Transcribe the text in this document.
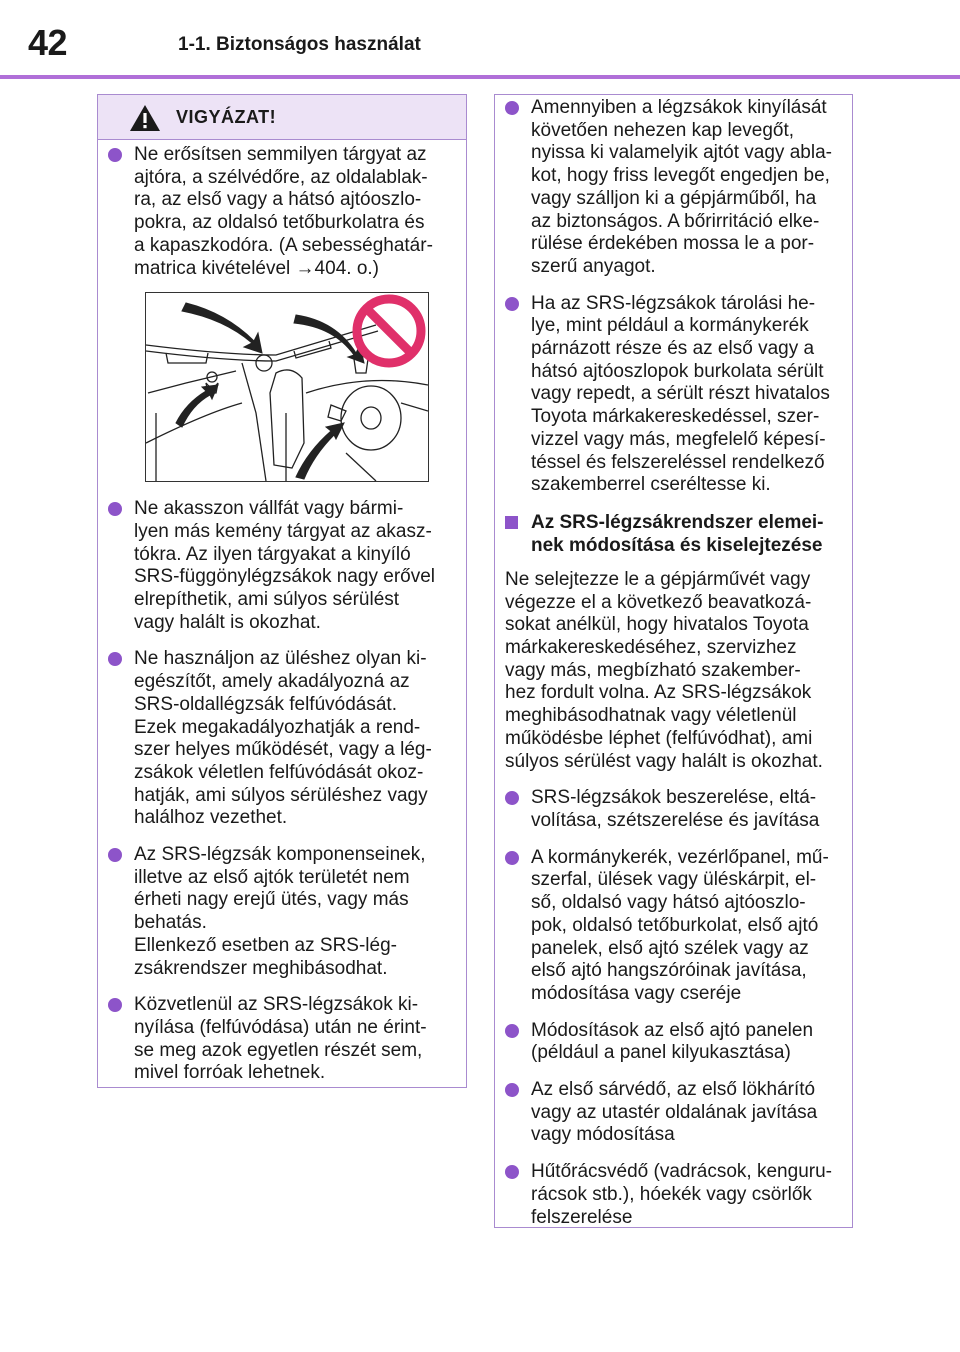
42	1-1. Biztonságos használat
VIGYÁZAT!

Ne erősítsen semmilyen tárgyat az
ajtóra, a szélvédőre, az oldalablak-
ra, az első vagy a hátsó ajtóoszlo-
pokra, az oldalsó tetőburkolatra és
a kapaszkodóra. (A sebességhatár-
matrica kivételével →404. o.)

Ne akasszon vállfát vagy bármi-
lyen más kemény tárgyat az akasz-
tókra. Az ilyen tárgyakat a kinyíló
SRS-függönylégzsákok nagy erővel
elrepíthetik, ami súlyos sérülést
vagy halált is okozhat.

Ne használjon az üléshez olyan ki-
egészítőt, amely akadályozná az
SRS-oldallégzsák felfúvódását.
Ezek megakadályozhatják a rend-
szer helyes működését, vagy a lég-
zsákok véletlen felfúvódását okoz-
hatják, ami súlyos sérüléshez vagy
halálhoz vezethet.

Az SRS-légzsák komponenseinek,
illetve az első ajtók területét nem
érheti nagy erejű ütés, vagy más
behatás.
Ellenkező esetben az SRS-lég-
zsákrendszer meghibásodhat.

Közvetlenül az SRS-légzsákok ki-
nyílása (felfúvódása) után ne érint-
se meg azok egyetlen részét sem,
mivel forróak lehetnek.

Amennyiben a légzsákok kinyílását
követően nehezen kap levegőt,
nyissa ki valamelyik ajtót vagy abla-
kot, hogy friss levegőt engedjen be,
vagy szálljon ki a gépjárműből, ha
az biztonságos. A bőrirritáció elke-
rülése érdekében mossa le a por-
szerű anyagot.

Ha az SRS-légzsákok tárolási he-
lye, mint például a kormánykerék
párnázott része és az első vagy a
hátsó ajtóoszlopok burkolata sérült
vagy repedt, a sérült részt hivatalos
Toyota márkakereskedéssel, szer-
vizzel vagy más, megfelelő képesí-
téssel és felszereléssel rendelkező
szakemberrel cseréltesse ki.

Az SRS-légzsákrendszer elemei-
nek módosítása és kiselejtezése

Ne selejtezze le a gépjárművét vagy
végezze el a következő beavatkozá-
sokat anélkül, hogy hivatalos Toyota
márkakereskedéséhez, szervizhez
vagy más, megbízható szakember-
hez fordult volna. Az SRS-légzsákok
meghibásodhatnak vagy véletlenül
működésbe léphet (felfúvódhat), ami
súlyos sérülést vagy halált is okozhat.

SRS-légzsákok beszerelése, eltá-
volítása, szétszerelése és javítása

A kormánykerék, vezérlőpanel, mű-
szerfal, ülések vagy üléskárpit, el-
ső, oldalsó vagy hátsó ajtóoszlo-
pok, oldalsó tetőburkolat, első ajtó
panelek, első ajtó szélek vagy az
első ajtó hangszóróinak javítása,
módosítása vagy cseréje

Módosítások az első ajtó panelen
(például a panel kilyukasztása)

Az első sárvédő, az első lökhárító
vagy az utastér oldalának javítása
vagy módosítása

Hűtőrácsvédő (vadrácsok, kenguru-
rácsok stb.), hóekék vagy csörlők
felszerelése
